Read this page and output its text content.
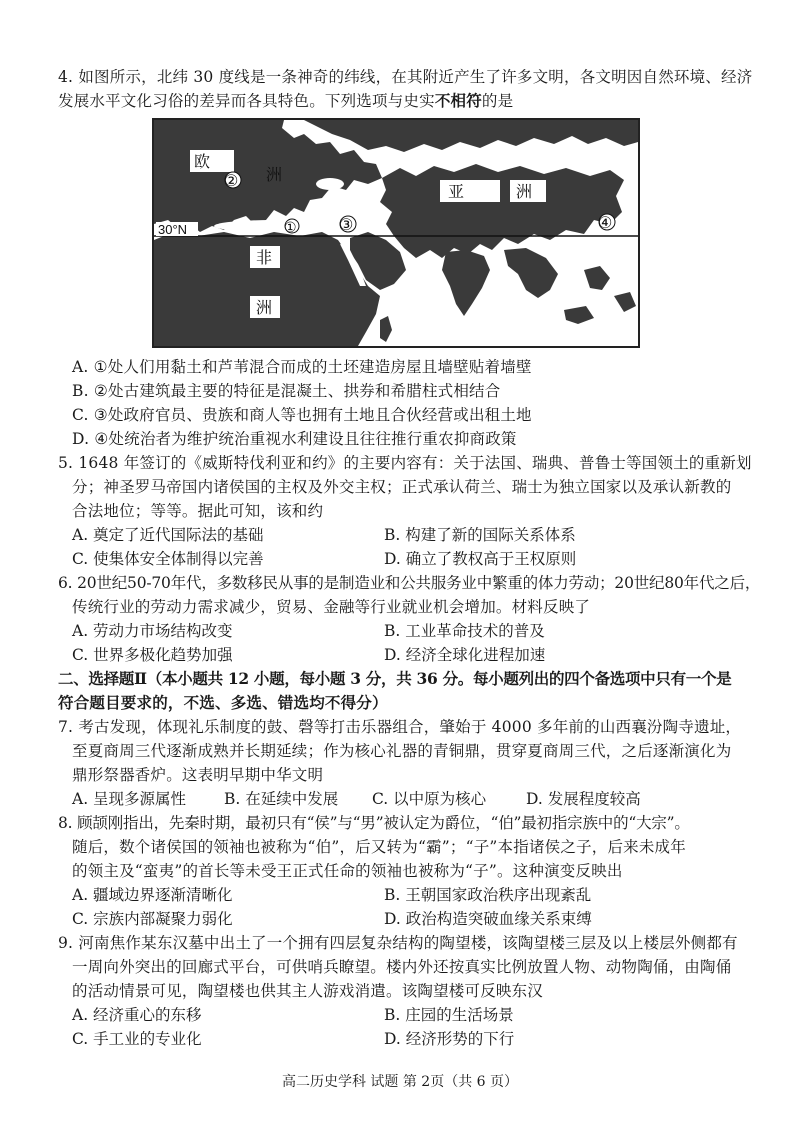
4. 如图所示，北纬 30 度线是一条神奇的纬线，在其附近产生了许多文明，各文明因自然环境、经济
发展水平文化习俗的差异而各具特色。下列选项与史实不相符的是
欧
洲
亚	洲
非
洲
30°N
②
①	③	④
A. ①处人们用黏土和芦苇混合而成的土坯建造房屋且墙壁贴着墙壁
B. ②处古建筑最主要的特征是混凝土、拱券和希腊柱式相结合
C. ③处政府官员、贵族和商人等也拥有土地且合伙经营或出租土地
D. ④处统治者为维护统治重视水利建设且往往推行重农抑商政策
5. 1648 年签订的《威斯特伐利亚和约》的主要内容有：关于法国、瑞典、普鲁士等国领土的重新划
分；神圣罗马帝国内诸侯国的主权及外交主权；正式承认荷兰、瑞士为独立国家以及承认新教的
合法地位；等等。据此可知，该和约
A. 奠定了近代国际法的基础	B. 构建了新的国际关系体系
C. 使集体安全体制得以完善	D. 确立了教权高于王权原则
6. 20世纪50-70年代，多数移民从事的是制造业和公共服务业中繁重的体力劳动；20世纪80年代之后，
传统行业的劳动力需求减少，贸易、金融等行业就业机会增加。材料反映了
A. 劳动力市场结构改变	B. 工业革命技术的普及
C. 世界多极化趋势加强	D. 经济全球化进程加速
二、选择题Ⅱ（本小题共 12 小题，每小题 3 分，共 36 分。每小题列出的四个备选项中只有一个是
符合题目要求的，不选、多选、错选均不得分）
7. 考古发现，体现礼乐制度的鼓、磬等打击乐器组合，肇始于 4000 多年前的山西襄汾陶寺遗址，
至夏商周三代逐渐成熟并长期延续；作为核心礼器的青铜鼎，贯穿夏商周三代，之后逐渐演化为
鼎形祭器香炉。这表明早期中华文明
A. 呈现多源属性 B. 在延续中发展 C. 以中原为核心	D. 发展程度较高
8. 顾颉刚指出，先秦时期，最初只有“侯”与“男”被认定为爵位，“伯”最初指宗族中的“大宗”。
随后，数个诸侯国的领袖也被称为“伯”，后又转为“霸”；“子”本指诸侯之子，后来未成年
的领主及“蛮夷”的首长等未受王正式任命的领袖也被称为“子”。这种演变反映出
A. 疆域边界逐渐清晰化	B. 王朝国家政治秩序出现紊乱
C. 宗族内部凝聚力弱化	D. 政治构造突破血缘关系束缚
9. 河南焦作某东汉墓中出土了一个拥有四层复杂结构的陶望楼，该陶望楼三层及以上楼层外侧都有
一周向外突出的回廊式平台，可供哨兵瞭望。楼内外还按真实比例放置人物、动物陶俑，由陶俑
的活动情景可见，陶望楼也供其主人游戏消遣。该陶望楼可反映东汉
A. 经济重心的东移	B. 庄园的生活场景
C. 手工业的专业化	D. 经济形势的下行
高二历史学科 试题 第 2页（共 6 页）
